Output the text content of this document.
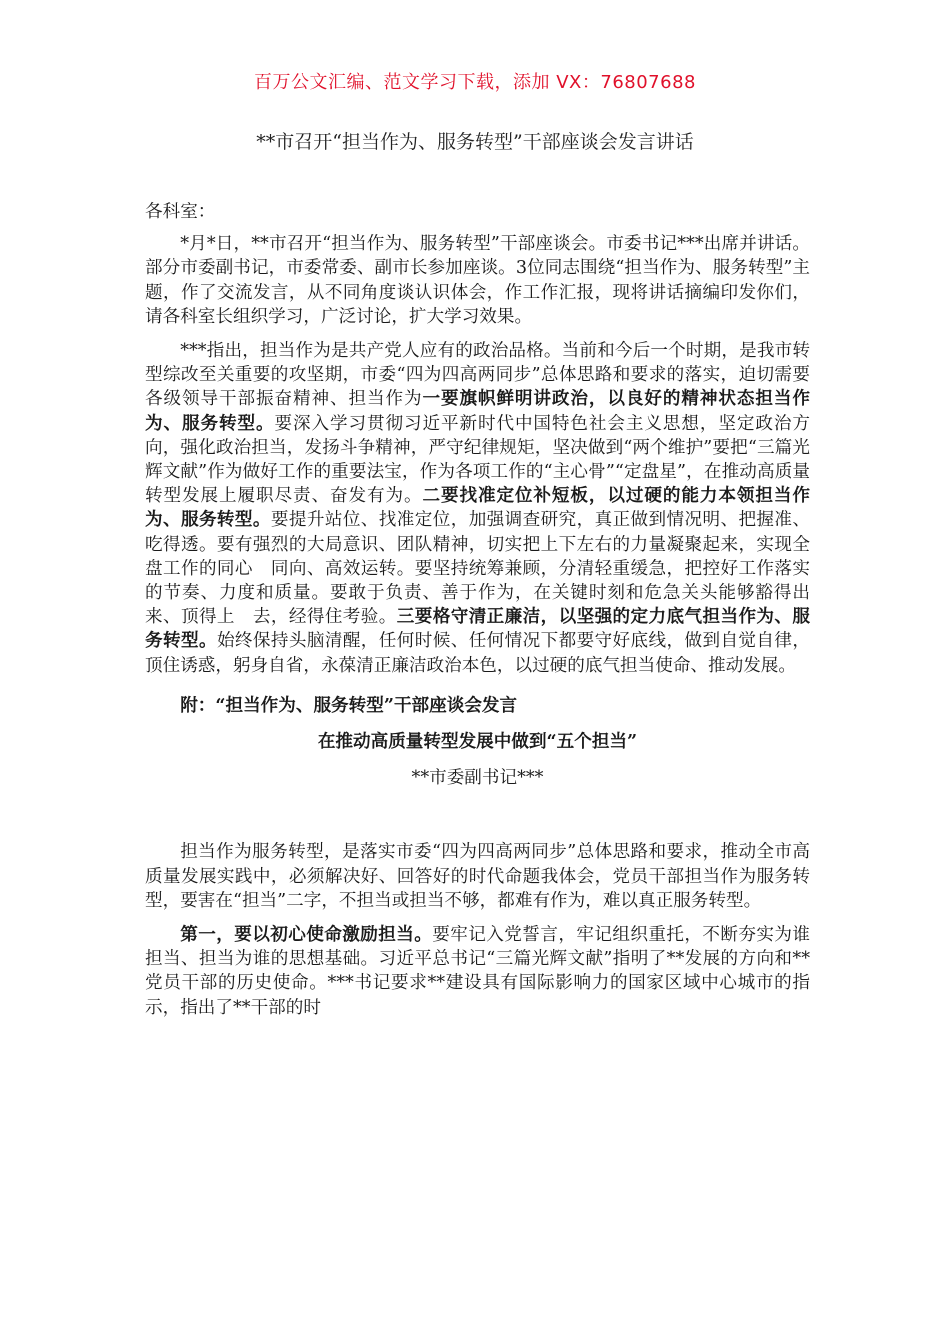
百万公文汇编、范文学习下载，添加 VX：76807688
**市召开“担当作为、服务转型”干部座谈会发言讲话

各科室：

*月*日，**市召开“担当作为、服务转型”干部座谈会。市委书记***出席并讲话。部分市委副书记，市委常委、副市长参加座谈。3位同志围绕“担当作为、服务转型”主题，作了交流发言，从不同角度谈认识体会，作工作汇报，现将讲话摘编印发你们，请各科室长组织学习，广泛讨论，扩大学习效果。

***指出，担当作为是共产党人应有的政治品格。当前和今后一个时期，是我市转型综改至关重要的攻坚期，市委“四为四高两同步”总体思路和要求的落实，迫切需要各级领导干部振奋精神、担当作为一要旗帜鲜明讲政治，以良好的精神状态担当作为、服务转型。要深入学习贯彻习近平新时代中国特色社会主义思想，坚定政治方向，强化政治担当，发扬斗争精神，严守纪律规矩，坚决做到“两个维护”要把“三篇光辉文献”作为做好工作的重要法宝，作为各项工作的“主心骨”“定盘星”，在推动高质量转型发展上履职尽责、奋发有为。二要找准定位补短板，以过硬的能力本领担当作为、服务转型。要提升站位、找准定位，加强调查研究，真正做到情况明、把握准、吃得透。要有强烈的大局意识、团队精神，切实把上下左右的力量凝聚起来，实现全盘工作的同心　同向、高效运转。要坚持统筹兼顾，分清轻重缓急，把控好工作落实的节奏、力度和质量。要敢于负责、善于作为，在关键时刻和危急关头能够豁得出来、顶得上　去，经得住考验。三要格守清正廉洁，以坚强的定力底气担当作为、服务转型。始终保持头脑清醒，任何时候、任何情况下都要守好底线，做到自觉自律，顶住诱惑，躬身自省，永葆清正廉洁政治本色，以过硬的底气担当使命、推动发展。

附：“担当作为、服务转型”干部座谈会发言

在推动高质量转型发展中做到“五个担当”

**市委副书记***

担当作为服务转型，是落实市委“四为四高两同步”总体思路和要求，推动全市高质量发展实践中，必须解决好、回答好的时代命题我体会，党员干部担当作为服务转型，要害在“担当”二字，不担当或担当不够，都难有作为，难以真正服务转型。

第一，要以初心使命激励担当。要牢记入党誓言，牢记组织重托，不断夯实为谁担当、担当为谁的思想基础。习近平总书记“三篇光辉文献”指明了**发展的方向和**党员干部的历史使命。***书记要求**建设具有国际影响力的国家区域中心城市的指示，指出了**干部的时
